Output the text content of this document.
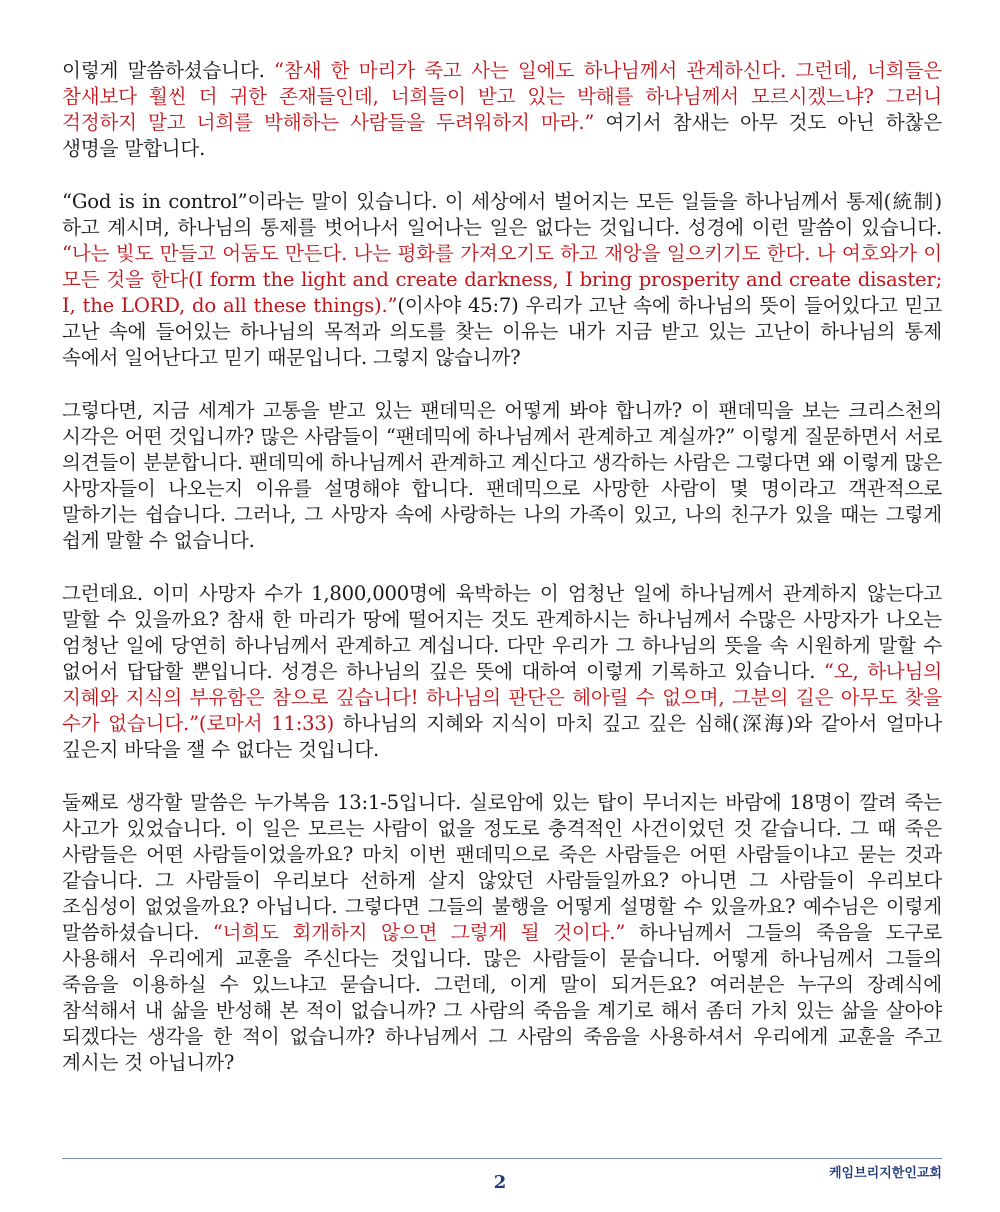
이렇게 말씀하셨습니다. “참새 한 마리가 죽고 사는 일에도 하나님께서 관계하신다. 그런데, 너희들은 참새보다 훨씬 더 귀한 존재들인데, 너희들이 받고 있는 박해를 하나님께서 모르시겠느냐? 그러니 걱정하지 말고 너희를 박해하는 사람들을 두려워하지 마라.” 여기서 참새는 아무 것도 아닌 하찮은 생명을 말합니다.

“God is in control”이라는 말이 있습니다. 이 세상에서 벌어지는 모든 일들을 하나님께서 통제(統制)하고 계시며, 하나님의 통제를 벗어나서 일어나는 일은 없다는 것입니다. 성경에 이런 말씀이 있습니다. “나는 빛도 만들고 어둠도 만든다. 나는 평화를 가져오기도 하고 재앙을 일으키기도 한다. 나 여호와가 이 모든 것을 한다(I form the light and create darkness, I bring prosperity and create disaster; I, the LORD, do all these things).”(이사야 45:7) 우리가 고난 속에 하나님의 뜻이 들어있다고 믿고 고난 속에 들어있는 하나님의 목적과 의도를 찾는 이유는 내가 지금 받고 있는 고난이 하나님의 통제 속에서 일어난다고 믿기 때문입니다. 그렇지 않습니까?

그렇다면, 지금 세계가 고통을 받고 있는 팬데믹은 어떻게 봐야 합니까? 이 팬데믹을 보는 크리스천의 시각은 어떤 것입니까? 많은 사람들이 “팬데믹에 하나님께서 관계하고 계실까?” 이렇게 질문하면서 서로 의견들이 분분합니다. 팬데믹에 하나님께서 관계하고 계신다고 생각하는 사람은 그렇다면 왜 이렇게 많은 사망자들이 나오는지 이유를 설명해야 합니다. 팬데믹으로 사망한 사람이 몇 명이라고 객관적으로 말하기는 쉽습니다. 그러나, 그 사망자 속에 사랑하는 나의 가족이 있고, 나의 친구가 있을 때는 그렇게 쉽게 말할 수 없습니다.

그런데요. 이미 사망자 수가 1,800,000명에 육박하는 이 엄청난 일에 하나님께서 관계하지 않는다고 말할 수 있을까요? 참새 한 마리가 땅에 떨어지는 것도 관계하시는 하나님께서 수많은 사망자가 나오는 엄청난 일에 당연히 하나님께서 관계하고 계십니다. 다만 우리가 그 하나님의 뜻을 속 시원하게 말할 수 없어서 답답할 뿐입니다. 성경은 하나님의 깊은 뜻에 대하여 이렇게 기록하고 있습니다. “오, 하나님의 지혜와 지식의 부유함은 참으로 깊습니다! 하나님의 판단은 헤아릴 수 없으며, 그분의 길은 아무도 찾을 수가 없습니다.”(로마서 11:33) 하나님의 지혜와 지식이 마치 깊고 깊은 심해(深海)와 같아서 얼마나 깊은지 바닥을 잴 수 없다는 것입니다.

둘째로 생각할 말씀은 누가복음 13:1-5입니다. 실로암에 있는 탑이 무너지는 바람에 18명이 깔려 죽는 사고가 있었습니다. 이 일은 모르는 사람이 없을 정도로 충격적인 사건이었던 것 같습니다. 그 때 죽은 사람들은 어떤 사람들이었을까요? 마치 이번 팬데믹으로 죽은 사람들은 어떤 사람들이냐고 묻는 것과 같습니다. 그 사람들이 우리보다 선하게 살지 않았던 사람들일까요? 아니면 그 사람들이 우리보다 조심성이 없었을까요? 아닙니다. 그렇다면 그들의 불행을 어떻게 설명할 수 있을까요? 예수님은 이렇게 말씀하셨습니다. “너희도 회개하지 않으면 그렇게 될 것이다.” 하나님께서 그들의 죽음을 도구로 사용해서 우리에게 교훈을 주신다는 것입니다. 많은 사람들이 묻습니다. 어떻게 하나님께서 그들의 죽음을 이용하실 수 있느냐고 묻습니다. 그런데, 이게 말이 되거든요? 여러분은 누구의 장례식에 참석해서 내 삶을 반성해 본 적이 없습니까? 그 사람의 죽음을 계기로 해서 좀더 가치 있는 삶을 살아야 되겠다는 생각을 한 적이 없습니까? 하나님께서 그 사람의 죽음을 사용하셔서 우리에게 교훈을 주고 계시는 것 아닙니까?

2	케임브리지한인교회
